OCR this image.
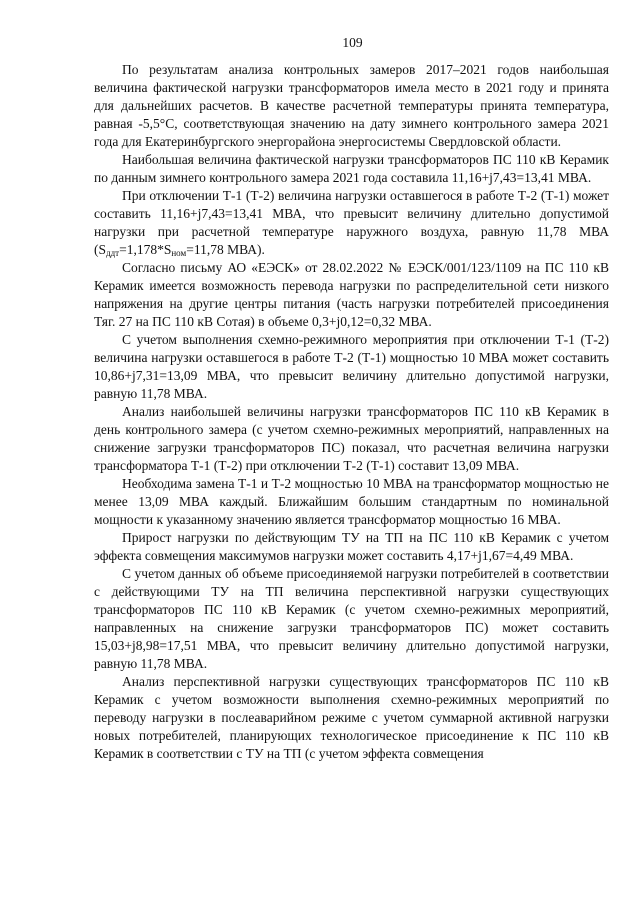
109

По результатам анализа контрольных замеров 2017–2021 годов наибольшая величина фактической нагрузки трансформаторов имела место в 2021 году и принята для дальнейших расчетов. В качестве расчетной температуры принята температура, равная -5,5°С, соответствующая значению на дату зимнего контрольного замера 2021 года для Екатеринбургского энергорайона энергосистемы Свердловской области.

Наибольшая величина фактической нагрузки трансформаторов ПС 110 кВ Керамик по данным зимнего контрольного замера 2021 года составила 11,16+j7,43=13,41 МВА.

При отключении Т-1 (Т-2) величина нагрузки оставшегося в работе Т-2 (Т-1) может составить 11,16+j7,43=13,41 МВА, что превысит величину длительно допустимой нагрузки при расчетной температуре наружного воздуха, равную 11,78 МВА ($S_{ддт}=1,178*S_{ном}=11,78$ МВА).

Согласно письму АО «ЕЭСК» от 28.02.2022 № ЕЭСК/001/123/1109 на ПС 110 кВ Керамик имеется возможность перевода нагрузки по распределительной сети низкого напряжения на другие центры питания (часть нагрузки потребителей присоединения Тяг. 27 на ПС 110 кВ Сотая) в объеме 0,3+j0,12=0,32 МВА.

С учетом выполнения схемно-режимного мероприятия при отключении Т-1 (Т-2) величина нагрузки оставшегося в работе Т-2 (Т-1) мощностью 10 МВА может составить 10,86+j7,31=13,09 МВА, что превысит величину длительно допустимой нагрузки, равную 11,78 МВА.

Анализ наибольшей величины нагрузки трансформаторов ПС 110 кВ Керамик в день контрольного замера (с учетом схемно-режимных мероприятий, направленных на снижение загрузки трансформаторов ПС) показал, что расчетная величина нагрузки трансформатора Т-1 (Т-2) при отключении Т-2 (Т-1) составит 13,09 МВА.

Необходима замена Т-1 и Т-2 мощностью 10 МВА на трансформатор мощностью не менее 13,09 МВА каждый. Ближайшим большим стандартным по номинальной мощности к указанному значению является трансформатор мощностью 16 МВА.

Прирост нагрузки по действующим ТУ на ТП на ПС 110 кВ Керамик с учетом эффекта совмещения максимумов нагрузки может составить 4,17+j1,67=4,49 МВА.

С учетом данных об объеме присоединяемой нагрузки потребителей в соответствии с действующими ТУ на ТП величина перспективной нагрузки существующих трансформаторов ПС 110 кВ Керамик (с учетом схемно-режимных мероприятий, направленных на снижение загрузки трансформаторов ПС) может составить 15,03+j8,98=17,51 МВА, что превысит величину длительно допустимой нагрузки, равную 11,78 МВА.

Анализ перспективной нагрузки существующих трансформаторов ПС 110 кВ Керамик с учетом возможности выполнения схемно-режимных мероприятий по переводу нагрузки в послеаварийном режиме с учетом суммарной активной нагрузки новых потребителей, планирующих технологическое присоединение к ПС 110 кВ Керамик в соответствии с ТУ на ТП (с учетом эффекта совмещения
